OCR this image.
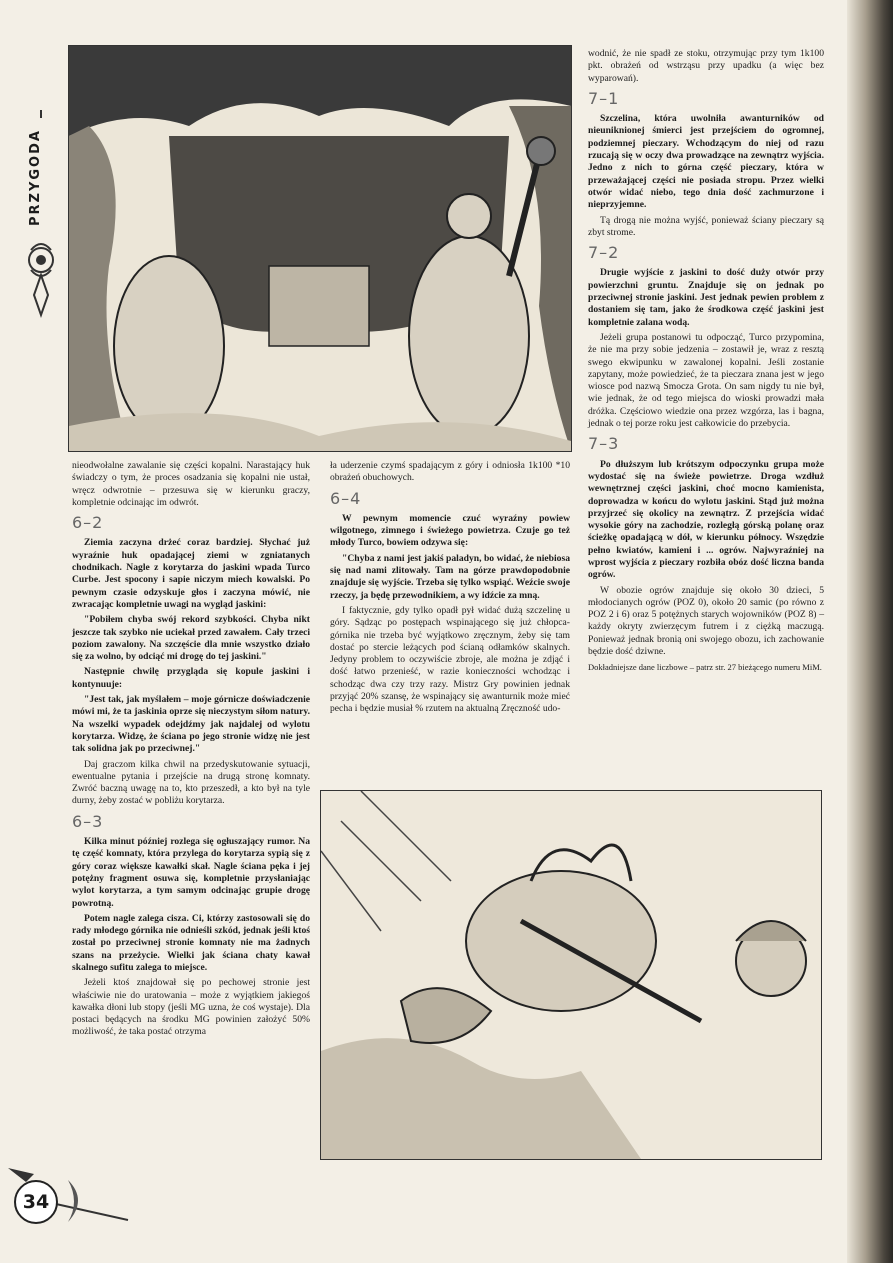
PRZYGODA

nieodwołalne zawalanie się części kopalni. Narastający huk świadczy o tym, że proces osadzania się kopalni nie ustał, wręcz odwrotnie – przesuwa się w kierunku graczy, kompletnie odcinając im odwrót.

6–2

Ziemia zaczyna drżeć coraz bardziej. Słychać już wyraźnie huk opadającej ziemi w zgniatanych chodnikach. Nagle z korytarza do jaskini wpada Turco Curbe. Jest spocony i sapie niczym miech kowalski. Po pewnym czasie odzyskuje głos i zaczyna mówić, nie zwracając kompletnie uwagi na wygląd jaskini:

"Pobiłem chyba swój rekord szybkości. Chyba nikt jeszcze tak szybko nie uciekał przed zawałem. Cały trzeci poziom zawalony. Na szczęście dla mnie wszystko działo się za wolno, by odciąć mi drogę do tej jaskini."

Następnie chwilę przygląda się kopule jaskini i kontynuuje:

"Jest tak, jak myślałem – moje górnicze doświadczenie mówi mi, że ta jaskinia oprze się nieczystym siłom natury. Na wszelki wypadek odejdźmy jak najdalej od wylotu korytarza. Widzę, że ściana po jego stronie widzę nie jest tak solidna jak po przeciwnej."

Daj graczom kilka chwil na przedyskutowanie sytuacji, ewentualne pytania i przejście na drugą stronę komnaty. Zwróć baczną uwagę na to, kto przeszedł, a kto był na tyle durny, żeby zostać w pobliżu korytarza.

6–3

Kilka minut później rozlega się ogłuszający rumor. Na tę część komnaty, która przylega do korytarza sypią się z góry coraz większe kawałki skał. Nagle ściana pęka i jej potężny fragment osuwa się, kompletnie przysłaniając wylot korytarza, a tym samym odcinając grupie drogę powrotną.

Potem nagle zalega cisza. Ci, którzy zastosowali się do rady młodego górnika nie odnieśli szkód, jednak jeśli ktoś został po przeciwnej stronie komnaty nie ma żadnych szans na przeżycie. Wielki jak ściana chaty kawał skalnego sufitu zalega to miejsce.

Jeżeli ktoś znajdował się po pechowej stronie jest właściwie nie do uratowania – może z wyjątkiem jakiegoś kawałka dłoni lub stopy (jeśli MG uzna, że coś wystaje). Dla postaci będących na środku MG powinien założyć 50% możliwość, że taka postać otrzyma

ła uderzenie czymś spadającym z góry i odniosła 1k100 *10 obrażeń obuchowych.

6–4

W pewnym momencie czuć wyraźny powiew wilgotnego, zimnego i świeżego powietrza. Czuje go też młody Turco, bowiem odzywa się:

"Chyba z nami jest jakiś paladyn, bo widać, że niebiosa się nad nami zlitowały. Tam na górze prawdopodobnie znajduje się wyjście. Trzeba się tylko wspiąć. Weźcie swoje rzeczy, ja będę przewodnikiem, a wy idźcie za mną.

I faktycznie, gdy tylko opadł pył widać dużą szczelinę u góry. Sądząc po postępach wspinającego się już chłopca-górnika nie trzeba być wyjątkowo zręcznym, żeby się tam dostać po stercie leżących pod ścianą odłamków skalnych. Jedyny problem to oczywiście zbroje, ale można je zdjąć i dość łatwo przenieść, w razie konieczności wchodząc i schodząc dwa czy trzy razy. Mistrz Gry powinien jednak przyjąć 20% szansę, że wspinający się awanturnik może mieć pecha i będzie musiał % rzutem na aktualną Zręczność udo-

wodnić, że nie spadł ze stoku, otrzymując przy tym 1k100 pkt. obrażeń od wstrząsu przy upadku (a więc bez wyparowań).

7–1

Szczelina, która uwolniła awanturników od nieuniknionej śmierci jest przejściem do ogromnej, podziemnej pieczary. Wchodzącym do niej od razu rzucają się w oczy dwa prowadzące na zewnątrz wyjścia. Jedno z nich to górna część pieczary, która w przeważającej części nie posiada stropu. Przez wielki otwór widać niebo, tego dnia dość zachmurzone i nieprzyjemne.

Tą drogą nie można wyjść, ponieważ ściany pieczary są zbyt strome.

7–2

Drugie wyjście z jaskini to dość duży otwór przy powierzchni gruntu. Znajduje się on jednak po przeciwnej stronie jaskini. Jest jednak pewien problem z dostaniem się tam, jako że środkowa część jaskini jest kompletnie zalana wodą.

Jeżeli grupa postanowi tu odpocząć, Turco przypomina, że nie ma przy sobie jedzenia – zostawił je, wraz z resztą swego ekwipunku w zawalonej kopalni. Jeśli zostanie zapytany, może powiedzieć, że ta pieczara znana jest w jego wiosce pod nazwą Smocza Grota. On sam nigdy tu nie był, wie jednak, że od tego miejsca do wioski prowadzi mała dróżka. Częściowo wiedzie ona przez wzgórza, las i bagna, jednak o tej porze roku jest całkowicie do przebycia.

7–3

Po dłuższym lub krótszym odpoczynku grupa może wydostać się na świeże powietrze. Droga wzdłuż wewnętrznej części jaskini, choć mocno kamienista, doprowadza w końcu do wylotu jaskini. Stąd już można przyjrzeć się okolicy na zewnątrz. Z przejścia widać wysokie góry na zachodzie, rozległą górską polanę oraz ścieżkę opadającą w dół, w kierunku północy. Wszędzie pełno kwiatów, kamieni i ... ogrów. Najwyraźniej na wprost wyjścia z pieczary rozbiła obóz dość liczna banda ogrów.

W obozie ogrów znajduje się około 30 dzieci, 5 młodocianych ogrów (POZ 0), około 20 samic (po równo z POZ 2 i 6) oraz 5 potężnych starych wojowników (POZ 8) – każdy okryty zwierzęcym futrem i z ciężką maczugą. Ponieważ jednak bronią oni swojego obozu, ich zachowanie będzie dość dziwne.

Dokładniejsze dane liczbowe – patrz str. 27 bieżącego numeru MiM.

34
